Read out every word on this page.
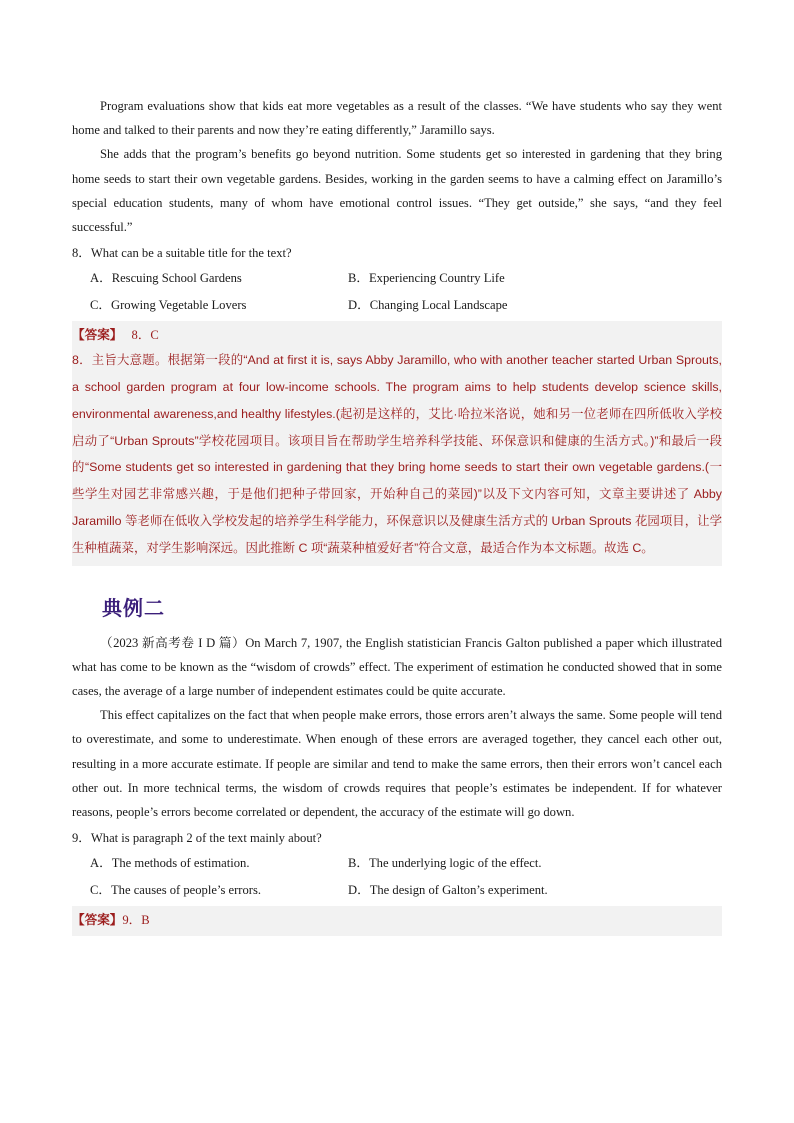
Program evaluations show that kids eat more vegetables as a result of the classes. “We have students who say they went home and talked to their parents and now they’re eating differently,” Jaramillo says.

She adds that the program’s benefits go beyond nutrition. Some students get so interested in gardening that they bring home seeds to start their own vegetable gardens. Besides, working in the garden seems to have a calming effect on Jaramillo’s special education students, many of whom have emotional control issues. “They get outside,” she says, “and they feel successful.”

8．What can be a suitable title for the text?
A．Rescuing School Gardens	B．Experiencing Country Life
C．Growing Vegetable Lovers	D．Changing Local Landscape
【答案】 8．C

8．主旨大意题。根据第一段的“And at first it is, says Abby Jaramillo, who with another teacher started Urban Sprouts, a school garden program at four low-income schools. The program aims to help students develop science skills, environmental awareness,and healthy lifestyles.(起初是这样的，艾比·哈拉米洛说，她和另一位老师在四所低收入学校启动了“Urban Sprouts”学校花园项目。该项目旨在帮助学生培养科学技能、环保意识和健康的生活方式。)”和最后一段的“Some students get so interested in gardening that they bring home seeds to start their own vegetable gardens.(一些学生对园艺非常感兴趣，于是他们把种子带回家，开始种自己的菜园)”以及下文内容可知，文章主要讲述了 Abby Jaramillo 等老师在低收入学校发起的培养学生科学能力，环保意识以及健康生活方式的 Urban Sprouts 花园项目，让学生种植蔬菜，对学生影响深远。因此推断 C 项“蔬菜种植爱好者”符合文意，最适合作为本文标题。故选 C。

典例二

（2023 新高考卷 I D 篇）On March 7, 1907, the English statistician Francis Galton published a paper which illustrated what has come to be known as the “wisdom of crowds” effect. The experiment of estimation he conducted showed that in some cases, the average of a large number of independent estimates could be quite accurate.

This effect capitalizes on the fact that when people make errors, those errors aren’t always the same. Some people will tend to overestimate, and some to underestimate. When enough of these errors are averaged together, they cancel each other out, resulting in a more accurate estimate. If people are similar and tend to make the same errors, then their errors won’t cancel each other out. In more technical terms, the wisdom of crowds requires that people’s estimates be independent. If for whatever reasons, people’s errors become correlated or dependent, the accuracy of the estimate will go down.

9．What is paragraph 2 of the text mainly about?
A．The methods of estimation.	B．The underlying logic of the effect.
C．The causes of people’s errors.	D．The design of Galton’s experiment.
【答案】9．B
